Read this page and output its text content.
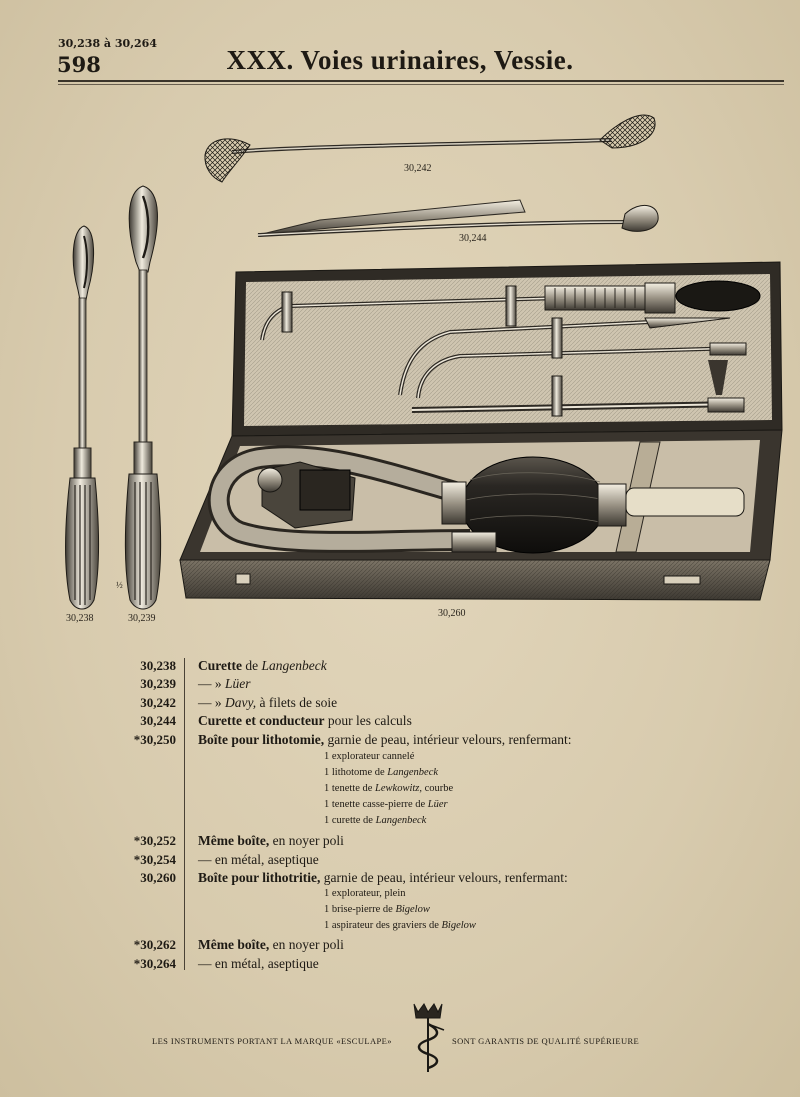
30,238 à 30,264
598	XXX. Voies urinaires, Vessie.
30,242
30,244
30,238	30,239	30,260
½
30,238 Curette de Langenbeck
30,239 — » Lüer
30,242 — » Davy, à filets de soie
30,244 Curette et conducteur pour les calculs
*30,250 Boîte pour lithotomie, garnie de peau, intérieur velours, renfermant:
1 explorateur cannelé
1 lithotome de Langenbeck
1 tenette de Lewkowitz, courbe
1 tenette casse-pierre de Lüer
1 curette de Langenbeck
*30,252 Même boîte, en noyer poli
*30,254 — en métal, aseptique
30,260 Boîte pour lithotritie, garnie de peau, intérieur velours, renfermant:
1 explorateur, plein
1 brise-pierre de Bigelow
1 aspirateur des graviers de Bigelow
*30,262 Même boîte, en noyer poli
*30,264 — en métal, aseptique
LES INSTRUMENTS PORTANT LA MARQUE «ESCULAPE»	SONT GARANTIS DE QUALITÉ SUPÉRIEURE
